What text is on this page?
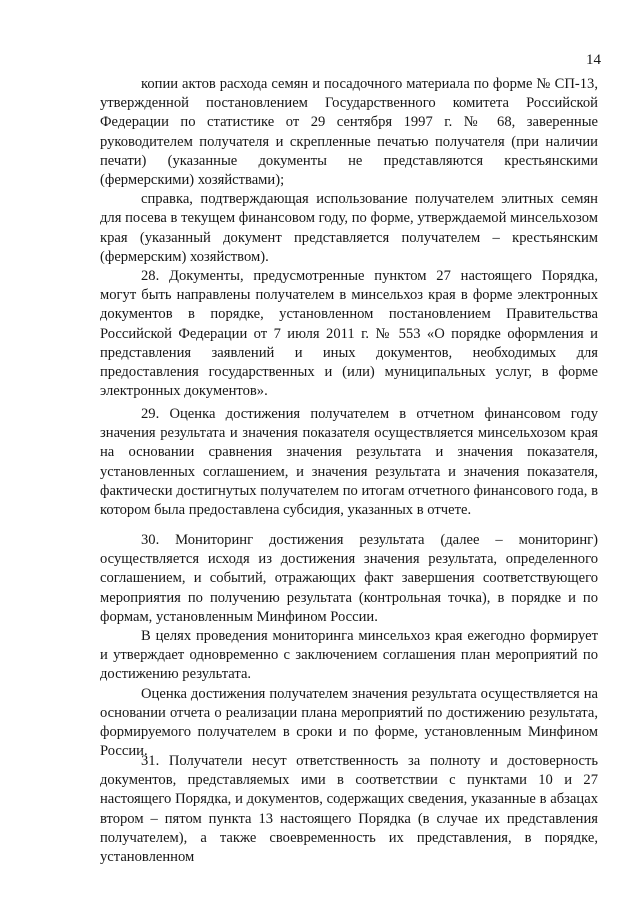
14

копии актов расхода семян и посадочного материала по форме № СП-13, утвержденной постановлением Государственного комитета Российской Федерации по статистике от 29 сентября 1997 г. № 68, заверенные руководителем получателя и скрепленные печатью получателя (при наличии печати) (указанные документы не представляются крестьянскими (фермерскими) хозяйствами);

справка, подтверждающая использование получателем элитных семян для посева в текущем финансовом году, по форме, утверждаемой минсельхозом края (указанный документ представляется получателем – крестьянским (фермерским) хозяйством).

28. Документы, предусмотренные пунктом 27 настоящего Порядка, могут быть направлены получателем в минсельхоз края в форме электронных документов в порядке, установленном постановлением Правительства Российской Федерации от 7 июля 2011 г. № 553 «О порядке оформления и представления заявлений и иных документов, необходимых для предоставления государственных и (или) муниципальных услуг, в форме электронных документов».

29. Оценка достижения получателем в отчетном финансовом году значения результата и значения показателя осуществляется минсельхозом края на основании сравнения значения результата и значения показателя, установленных соглашением, и значения результата и значения показателя, фактически достигнутых получателем по итогам отчетного финансового года, в котором была предоставлена субсидия, указанных в отчете.

30. Мониторинг достижения результата (далее – мониторинг) осуществляется исходя из достижения значения результата, определенного соглашением, и событий, отражающих факт завершения соответствующего мероприятия по получению результата (контрольная точка), в порядке и по формам, установленным Минфином России.

В целях проведения мониторинга минсельхоз края ежегодно формирует и утверждает одновременно с заключением соглашения план мероприятий по достижению результата.

Оценка достижения получателем значения результата осуществляется на основании отчета о реализации плана мероприятий по достижению результата, формируемого получателем в сроки и по форме, установленным Минфином России.

31. Получатели несут ответственность за полноту и достоверность документов, представляемых ими в соответствии с пунктами 10 и 27 настоящего Порядка, и документов, содержащих сведения, указанные в абзацах втором – пятом пункта 13 настоящего Порядка (в случае их представления получателем), а также своевременность их представления, в порядке, установленном
